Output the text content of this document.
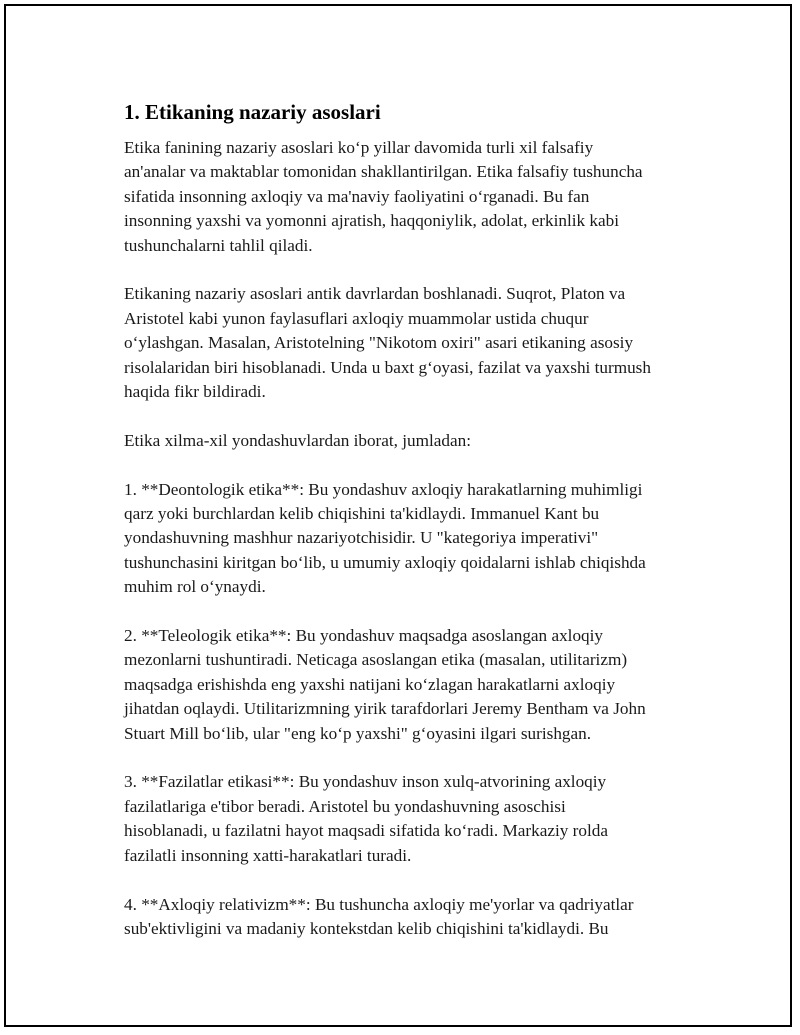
1. Etikaning nazariy asoslari

Etika fanining nazariy asoslari ko‘p yillar davomida turli xil falsafiy
an'analar va maktablar tomonidan shakllantirilgan. Etika falsafiy tushuncha
sifatida insonning axloqiy va ma'naviy faoliyatini o‘rganadi. Bu fan
insonning yaxshi va yomonni ajratish, haqqoniylik, adolat, erkinlik kabi
tushunchalarni tahlil qiladi.

Etikaning nazariy asoslari antik davrlardan boshlanadi. Suqrot, Platon va
Aristotel kabi yunon faylasuflari axloqiy muammolar ustida chuqur
o‘ylashgan. Masalan, Aristotelning "Nikotom oxiri" asari etikaning asosiy
risolalaridan biri hisoblanadi. Unda u baxt g‘oyasi, fazilat va yaxshi turmush
haqida fikr bildiradi.

Etika xilma-xil yondashuvlardan iborat, jumladan:

1. **Deontologik etika**: Bu yondashuv axloqiy harakatlarning muhimligi
qarz yoki burchlardan kelib chiqishini ta'kidlaydi. Immanuel Kant bu
yondashuvning mashhur nazariyotchisidir. U "kategoriya imperativi"
tushunchasini kiritgan bo‘lib, u umumiy axloqiy qoidalarni ishlab chiqishda
muhim rol o‘ynaydi.

2. **Teleologik etika**: Bu yondashuv maqsadga asoslangan axloqiy
mezonlarni tushuntiradi. Neticaga asoslangan etika (masalan, utilitarizm)
maqsadga erishishda eng yaxshi natijani ko‘zlagan harakatlarni axloqiy
jihatdan oqlaydi. Utilitarizmning yirik tarafdorlari Jeremy Bentham va John
Stuart Mill bo‘lib, ular "eng ko‘p yaxshi" g‘oyasini ilgari surishgan.

3. **Fazilatlar etikasi**: Bu yondashuv inson xulq-atvorining axloqiy
fazilatlariga e'tibor beradi. Aristotel bu yondashuvning asoschisi
hisoblanadi, u fazilatni hayot maqsadi sifatida ko‘radi. Markaziy rolda
fazilatli insonning xatti-harakatlari turadi.

4. **Axloqiy relativizm**: Bu tushuncha axloqiy me'yorlar va qadriyatlar
sub'ektivligini va madaniy kontekstdan kelib chiqishini ta'kidlaydi. Bu
